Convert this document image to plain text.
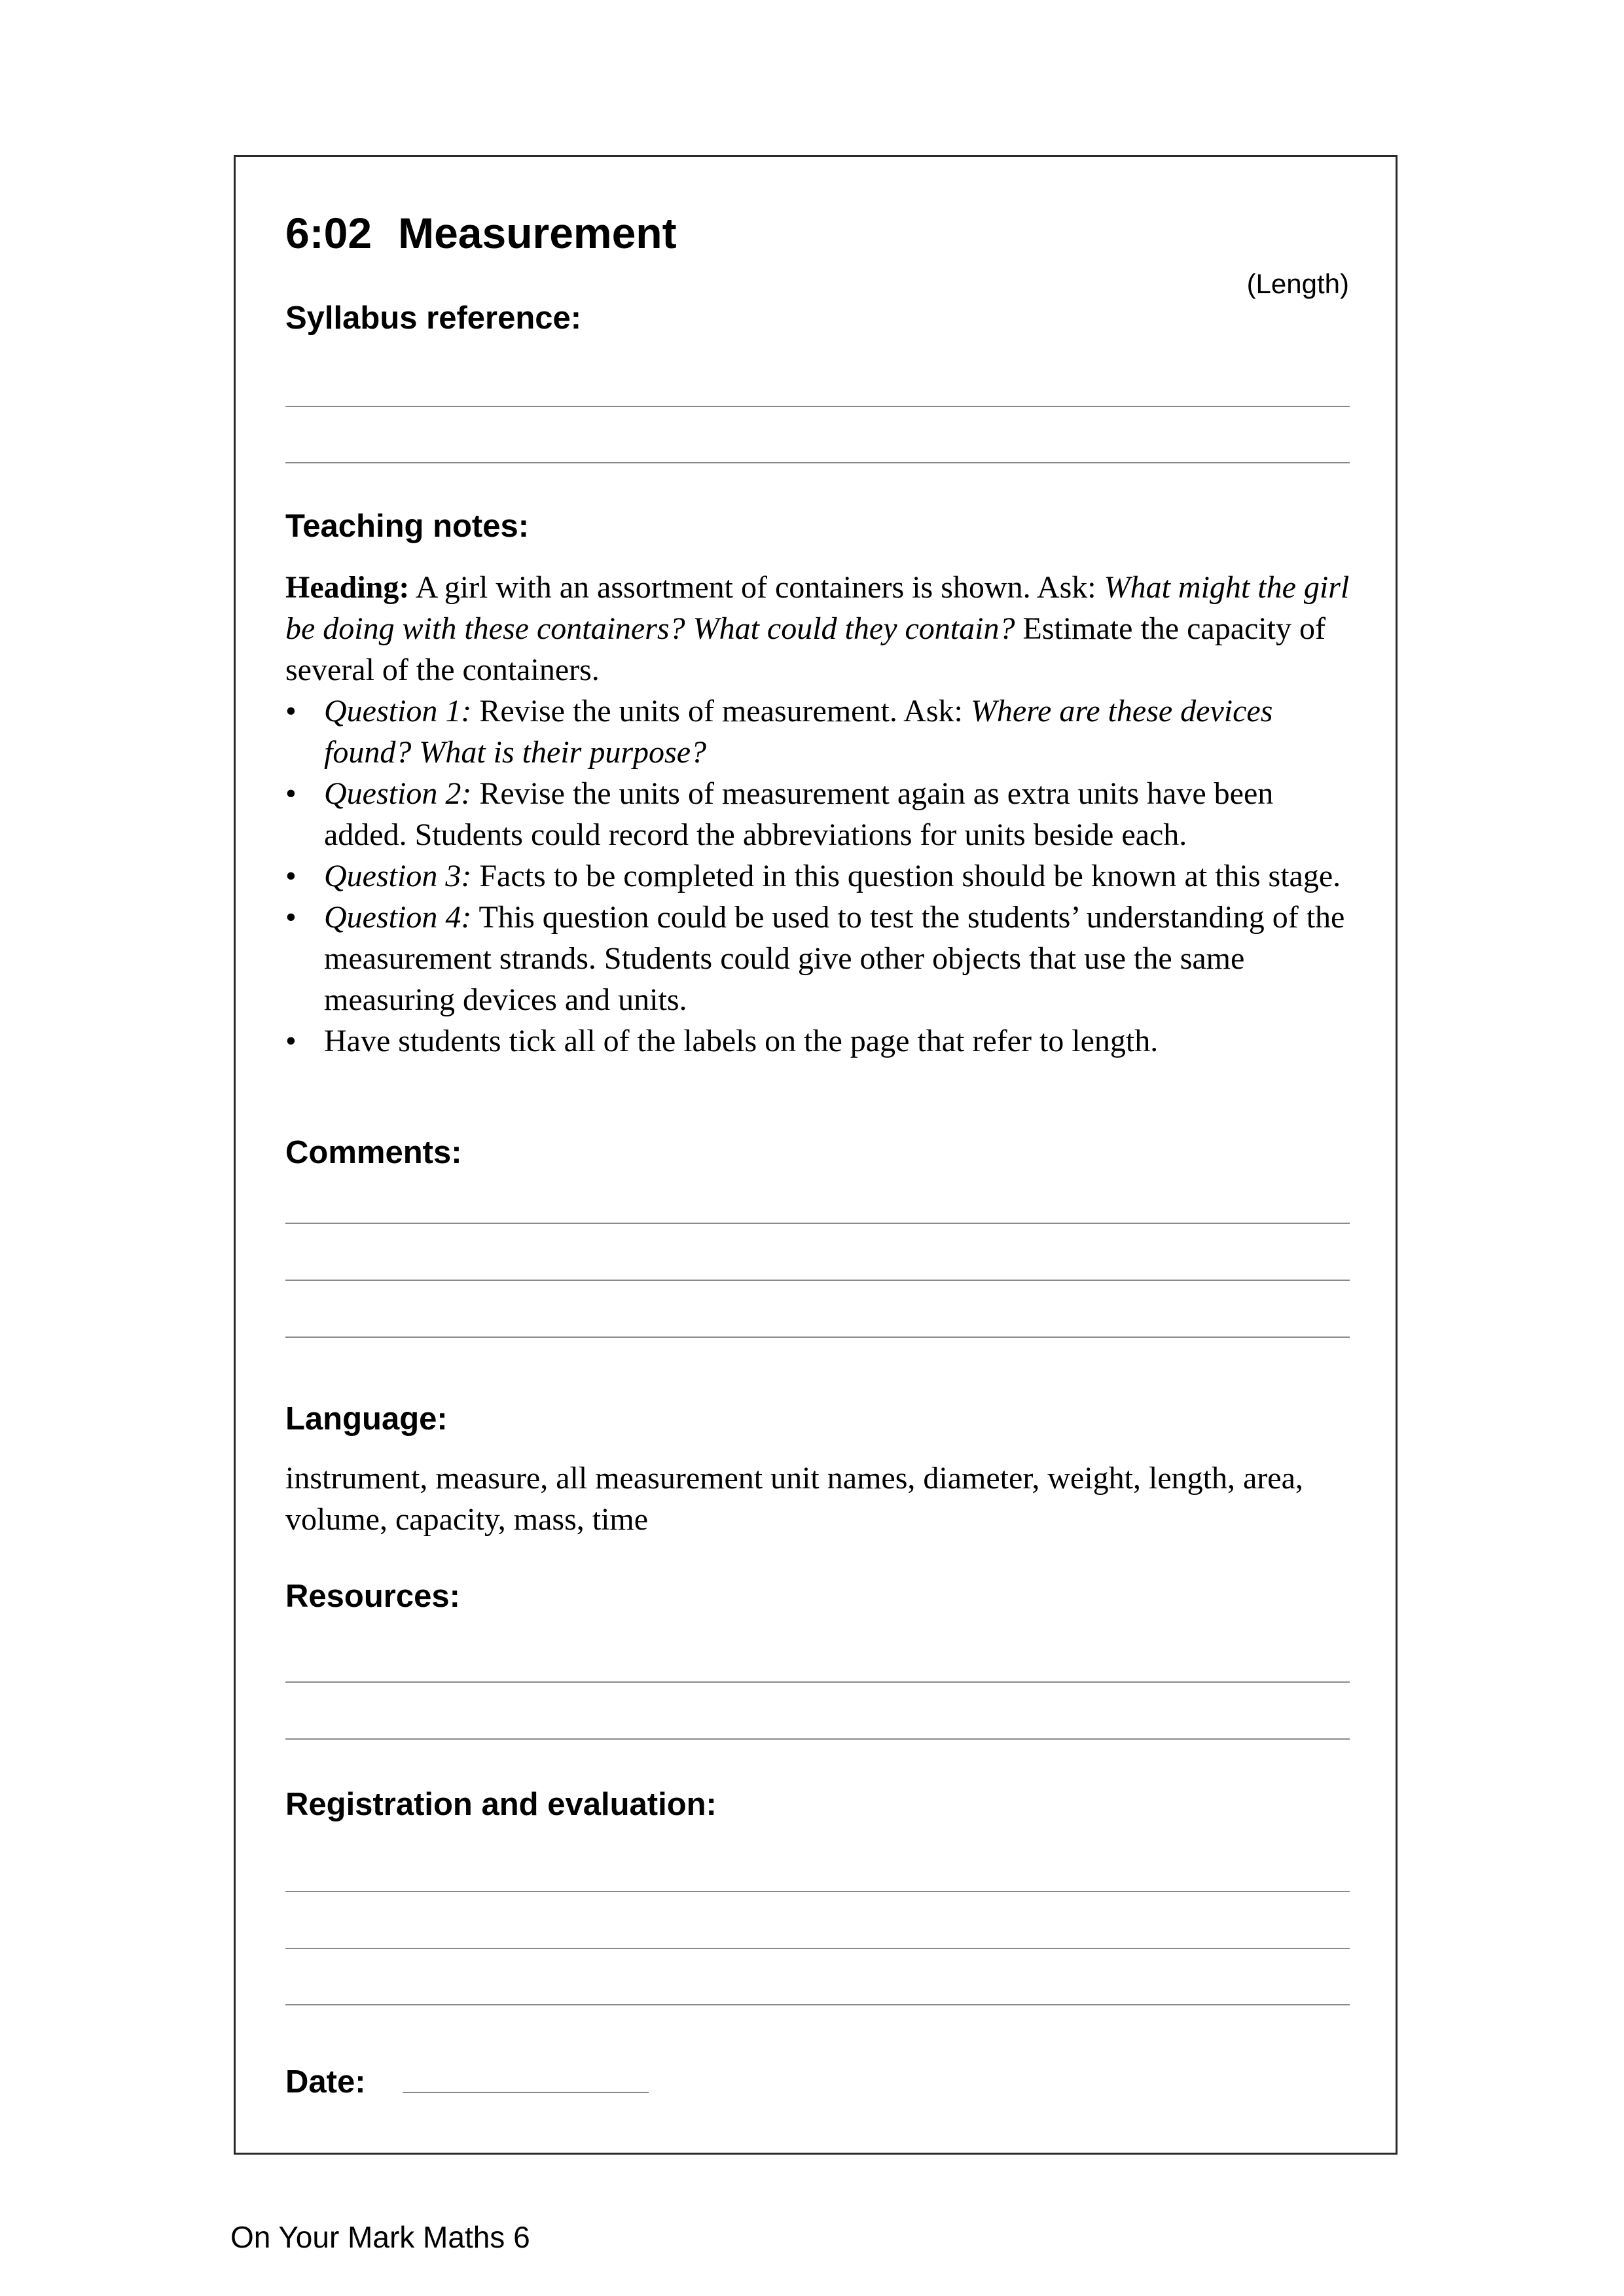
6:02 Measurement
(Length)
Syllabus reference:
Teaching notes:

Heading: A girl with an assortment of containers is shown. Ask: What might the girl be doing with these containers? What could they contain? Estimate the capacity of several of the containers.

• Question 1: Revise the units of measurement. Ask: Where are these devices found? What is their purpose?
• Question 2: Revise the units of measurement again as extra units have been added. Students could record the abbreviations for units beside each.
• Question 3: Facts to be completed in this question should be known at this stage.
• Question 4: This question could be used to test the students’ understanding of the measurement strands. Students could give other objects that use the same measuring devices and units.
• Have students tick all of the labels on the page that refer to length.
Comments:
Language:
instrument, measure, all measurement unit names, diameter, weight, length, area, volume, capacity, mass, time
Resources:
Registration and evaluation:
Date:
On Your Mark Maths 6
